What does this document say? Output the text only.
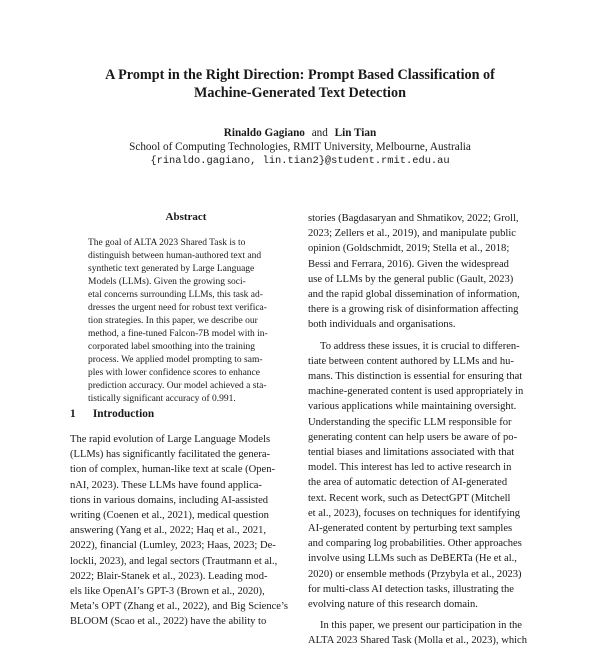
A Prompt in the Right Direction: Prompt Based Classification of
Machine-Generated Text Detection
Rinaldo Gagiano and Lin Tian
School of Computing Technologies, RMIT University, Melbourne, Australia
{rinaldo.gagiano, lin.tian2}@student.rmit.edu.au
Abstract
The goal of ALTA 2023 Shared Task is to
distinguish between human-authored text and
synthetic text generated by Large Language
Models (LLMs). Given the growing soci-
etal concerns surrounding LLMs, this task ad-
dresses the urgent need for robust text verifica-
tion strategies. In this paper, we describe our
method, a fine-tuned Falcon-7B model with in-
corporated label smoothing into the training
process. We applied model prompting to sam-
ples with lower confidence scores to enhance
prediction accuracy. Our model achieved a sta-
tistically significant accuracy of 0.991.
1 Introduction
The rapid evolution of Large Language Models
(LLMs) has significantly facilitated the genera-
tion of complex, human-like text at scale (Open-
nAI, 2023). These LLMs have found applica-
tions in various domains, including AI-assisted
writing (Coenen et al., 2021), medical question
answering (Yang et al., 2022; Haq et al., 2021,
2022), financial (Lumley, 2023; Haas, 2023; De-
lockli, 2023), and legal sectors (Trautmann et al.,
2022; Blair-Stanek et al., 2023). Leading mod-
els like OpenAI’s GPT-3 (Brown et al., 2020),
Meta’s OPT (Zhang et al., 2022), and Big Science’s
BLOOM (Scao et al., 2022) have the ability to
stories (Bagdasaryan and Shmatikov, 2022; Groll,
2023; Zellers et al., 2019), and manipulate public
opinion (Goldschmidt, 2019; Stella et al., 2018;
Bessi and Ferrara, 2016). Given the widespread
use of LLMs by the general public (Gault, 2023)
and the rapid global dissemination of information,
there is a growing risk of disinformation affecting
both individuals and organisations.
To address these issues, it is crucial to differen-
tiate between content authored by LLMs and hu-
mans. This distinction is essential for ensuring that
machine-generated content is used appropriately in
various applications while maintaining oversight.
Understanding the specific LLM responsible for
generating content can help users be aware of po-
tential biases and limitations associated with that
model. This interest has led to active research in
the area of automatic detection of AI-generated
text. Recent work, such as DetectGPT (Mitchell
et al., 2023), focuses on techniques for identifying
AI-generated content by perturbing text samples
and comparing log probabilities. Other approaches
involve using LLMs such as DeBERTa (He et al.,
2020) or ensemble methods (Przybyla et al., 2023)
for multi-class AI detection tasks, illustrating the
evolving nature of this research domain.
In this paper, we present our participation in the
ALTA 2023 Shared Task (Molla et al., 2023), which
